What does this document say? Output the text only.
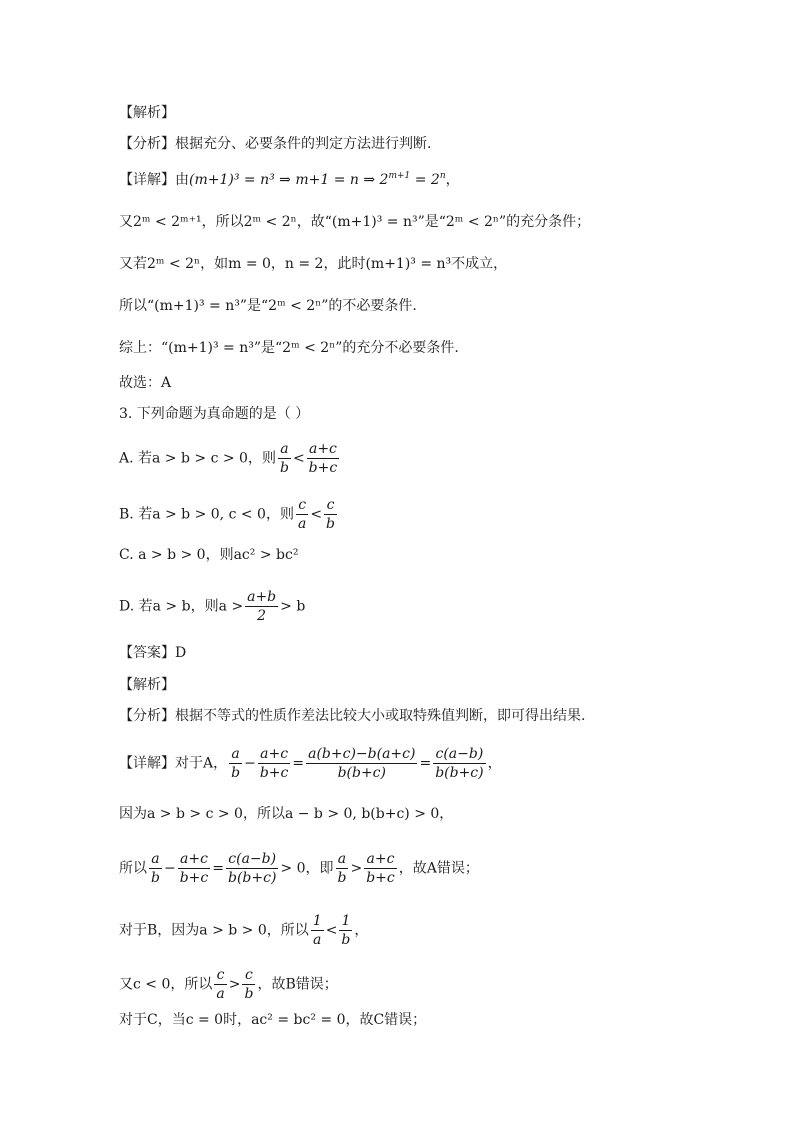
【解析】
【分析】根据充分、必要条件的判定方法进行判断.
【详解】由(m+1)³ = n³ ⇒ m+1 = n ⇒ $2^{m+1} = 2^n$，
又2ᵐ < 2ᵐ⁺¹，所以2ᵐ < 2ⁿ，故“(m+1)³ = n³”是“2ᵐ < 2ⁿ”的充分条件；
又若2ᵐ < 2ⁿ，如m = 0，n = 2，此时(m+1)³ = n³不成立，
所以“(m+1)³ = n³”是“2ᵐ < 2ⁿ”的不必要条件.
综上：“(m+1)³ = n³”是“2ᵐ < 2ⁿ”的充分不必要条件.
故选：A
3. 下列命题为真命题的是（ ）
A. 若a > b > c > 0，则 $\frac{a}{b} < \frac{a+c}{b+c}$
B. 若a > b > 0, c < 0，则 $\frac{c}{a} < \frac{c}{b}$
C. a > b > 0，则ac² > bc²
D. 若a > b，则$a > \frac{a+b}{2} > b$
【答案】D
【解析】
【分析】根据不等式的性质作差法比较大小或取特殊值判断，即可得出结果.
【详解】对于A， $\frac{a}{b} - \frac{a+c}{b+c} = \frac{a(b+c)-b(a+c)}{b(b+c)} = \frac{c(a-b)}{b(b+c)}$ ，
因为a > b > c > 0，所以a − b > 0, b(b+c) > 0，
所以 $\frac{a}{b} - \frac{a+c}{b+c} = \frac{c(a-b)}{b(b+c)} > 0$，即 $\frac{a}{b} > \frac{a+c}{b+c}$ ，故A错误；
对于B，因为a > b > 0，所以 $\frac{1}{a} < \frac{1}{b}$ ，
又c < 0，所以 $\frac{c}{a} > \frac{c}{b}$ ，故B错误；
对于C，当c = 0时，ac² = bc² = 0，故C错误；
